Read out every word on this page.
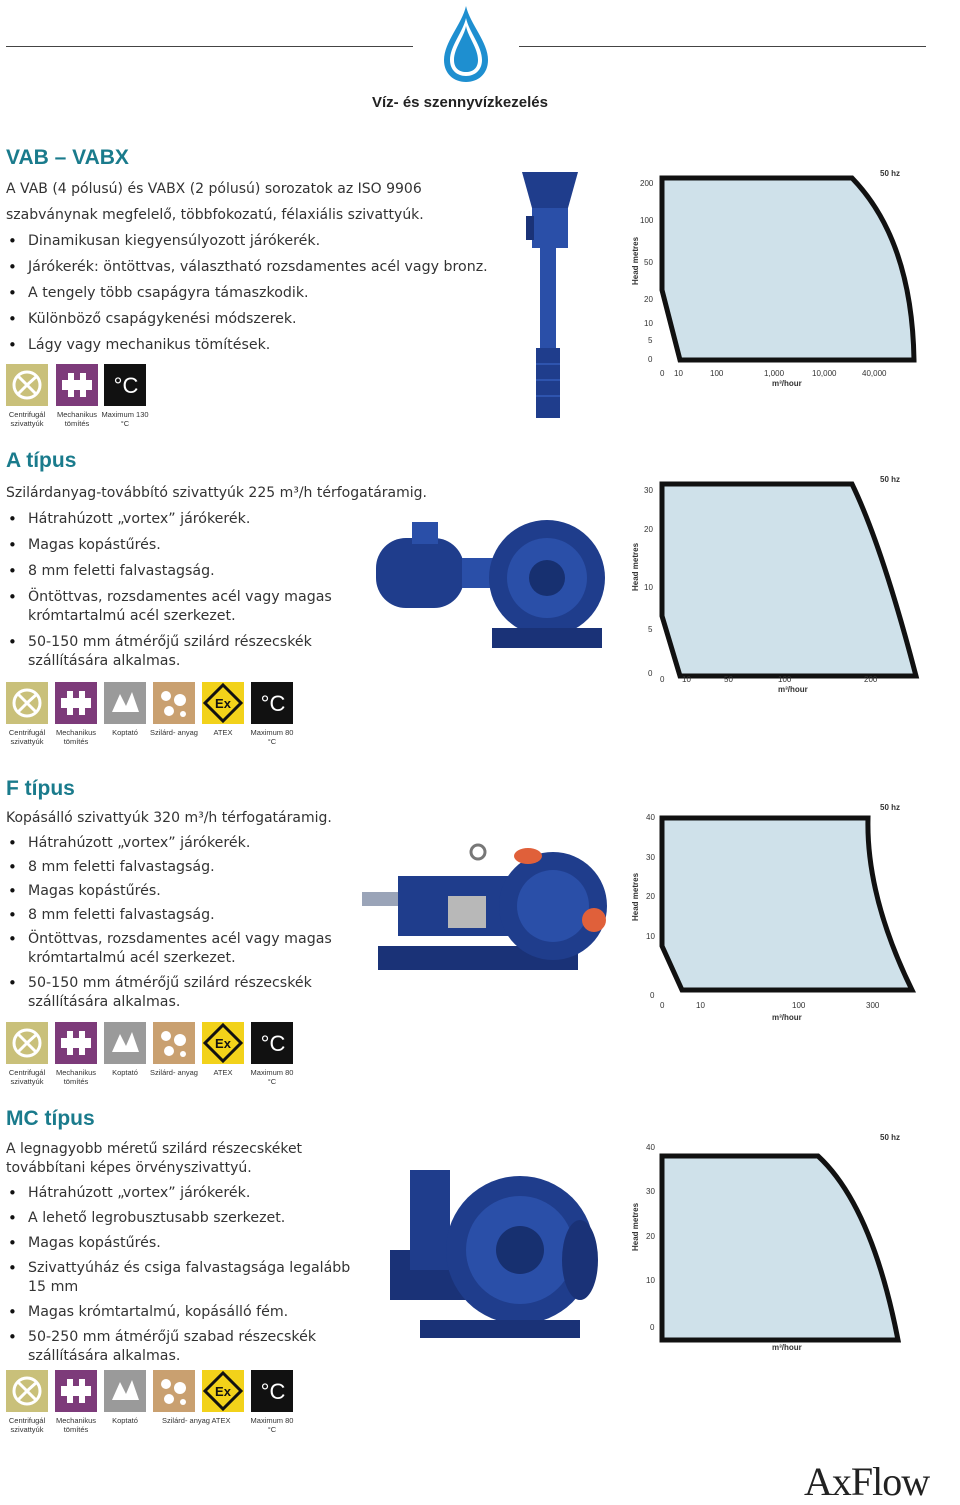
Víz- és szennyvízkezelés
VAB – VABX
A VAB (4 pólusú) és VABX (2 pólusú) sorozatok az ISO 9906
szabványnak megfelelő, többfokozatú, félaxiális szivattyúk.
• Dinamikusan kiegyensúlyozott járókerék.
• Járókerék: öntöttvas, választható rozsdamentes acél vagy bronz.
• A tengely több csapágyra támaszkodik.
• Különböző csapágykenési módszerek.
• Lágy vagy mechanikus tömítések.
Centrifugál szivattyúk
Mechanikus tömítés
°C
Maximum 130 °C
50 hz
Head metres
200
100
50
20
10
5
0
0 10	100	1,000	10,000	40,000
m³/hour
A típus
Szilárdanyag-továbbító szivattyúk 225 m³/h térfogatáramig.
• Hátrahúzott „vortex” járókerék.
• Magas kopástűrés.
• 8 mm feletti falvastagság.
• Öntöttvas, rozsdamentes acél vagy magas krómtartalmú acél szerkezet.
• 50-150 mm átmérőjű szilárd részecskék szállítására alkalmas.
Centrifugál szivattyúk
Mechanikus tömítés
Koptató	Szilárd- anyag
Ex
ATEX
°C
Maximum 80 °C
50 hz
Head metres
30
20
10
5
0
0 10	50	100	200
m³/hour
F típus
Kopásálló szivattyúk 320 m³/h térfogatáramig.
• Hátrahúzott „vortex” járókerék.
• 8 mm feletti falvastagság.
• Magas kopástűrés.
• 8 mm feletti falvastagság.
• Öntöttvas, rozsdamentes acél vagy magas krómtartalmú acél szerkezet.
• 50-150 mm átmérőjű szilárd részecskék szállítására alkalmas.
Centrifugál szivattyúk
Mechanikus tömítés
Koptató	Szilárd- anyag
Ex
ATEX
°C
Maximum 80 °C
50 hz
Head metres
40
30
20
10
0
0	10	100	300
m³/hour
MC típus
A legnagyobb méretű szilárd részecskéket
továbbítani képes örvényszivattyú.
• Hátrahúzott „vortex” járókerék.
• A lehető legrobusztusabb szerkezet.
• Magas kopástűrés.
• Szivattyúház és csiga falvastagsága legalább 15 mm
• Magas krómtartalmú, kopásálló fém.
• 50-250 mm átmérőjű szabad részecskék szállítására alkalmas.
Centrifugál szivattyúk
Mechanikus tömítés
Koptató	Szilárd- anyag
Ex
ATEX
°C
Maximum 80 °C
50 hz
Head metres
40
30
20
10
0
m³/hour
AxFlow
